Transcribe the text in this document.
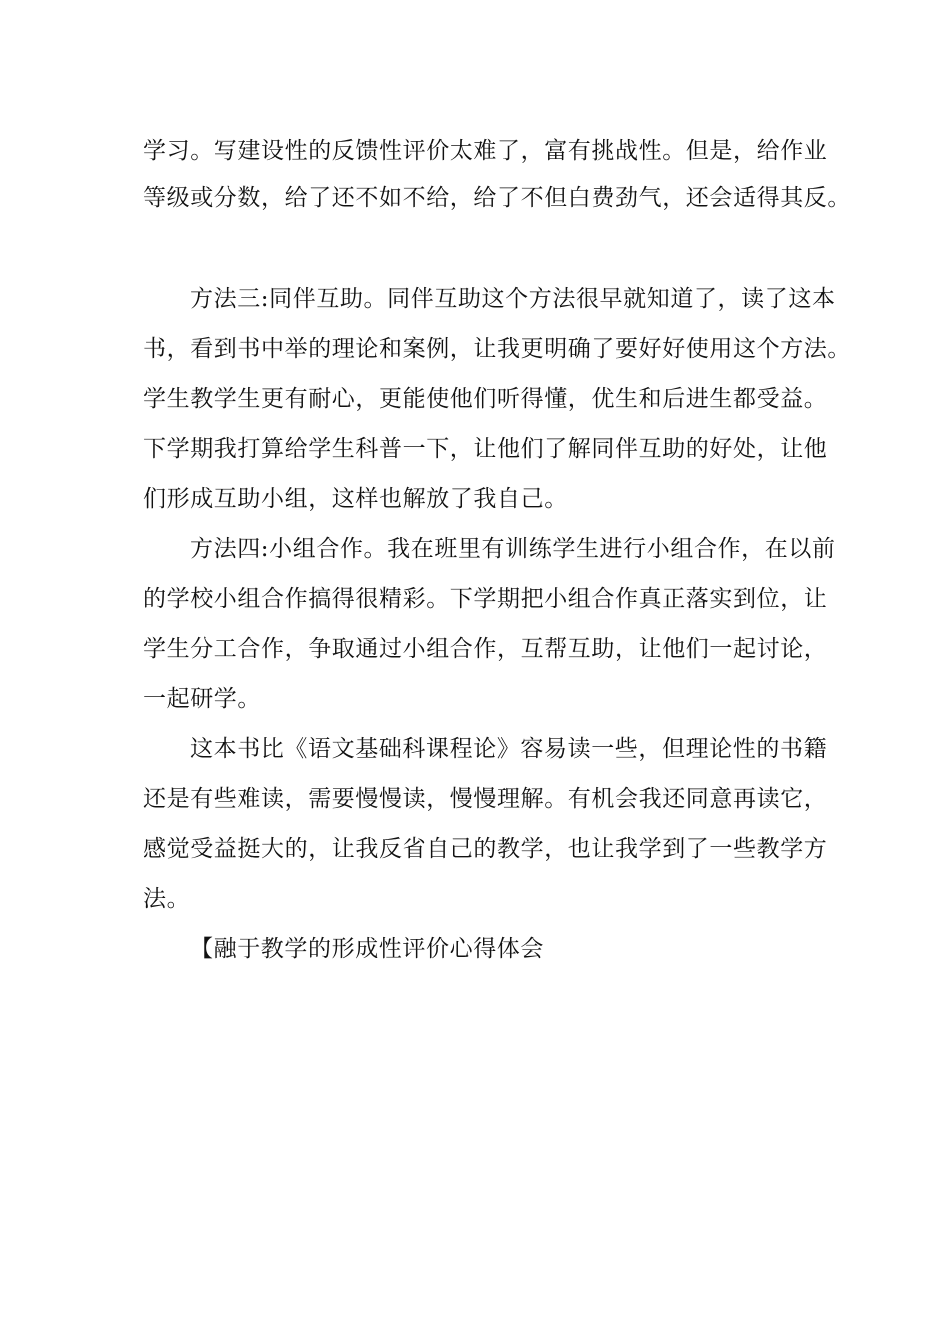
学习。写建设性的反馈性评价太难了，富有挑战性。但是，给作业
等级或分数，给了还不如不给，给了不但白费劲气，还会适得其反。
方法三:同伴互助。同伴互助这个方法很早就知道了，读了这本
书，看到书中举的理论和案例，让我更明确了要好好使用这个方法。
学生教学生更有耐心，更能使他们听得懂，优生和后进生都受益。
下学期我打算给学生科普一下，让他们了解同伴互助的好处，让他
们形成互助小组，这样也解放了我自己。
方法四:小组合作。我在班里有训练学生进行小组合作，在以前
的学校小组合作搞得很精彩。下学期把小组合作真正落实到位，让
学生分工合作，争取通过小组合作，互帮互助，让他们一起讨论，
一起研学。
这本书比《语文基础科课程论》容易读一些，但理论性的书籍
还是有些难读，需要慢慢读，慢慢理解。有机会我还同意再读它，
感觉受益挺大的，让我反省自己的教学，也让我学到了一些教学方
法。
【融于教学的形成性评价心得体会
